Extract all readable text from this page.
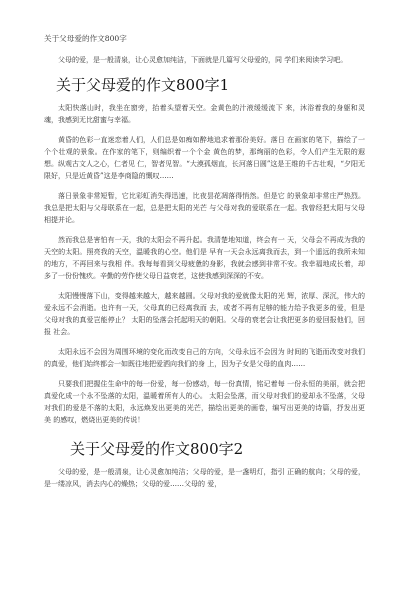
关于父母爱的作文800字

父母的爱，是一般清泉，让心灵愈加纯洁，下面就是几篇写父母爱的，同 学们来阅读学习吧。

关于父母爱的作文800字1

太阳快落山时，我坐在窗旁，抬着头望着天空。金黄色的汁液缓缓流下 来，沐浴着我的身躯和灵魂，我感到无比甜蜜与幸福。

黄昏的色彩一直迷恋着人们，人们总是如痴如醉地追求着那份美好。落日 在画家的笔下，描绘了一个个壮观的景象。在作家的笔下，则编织着一个个金 黄色的梦，那绚丽的色彩，令人们产生无限的遐想。纵观古文人之心，仁者见 仁，智者见智。“大漠孤烟直，长河落日圆”这是王维的千古壮观，“夕阳无 限好，只是近黄昏”这是李商隐的慨叹……

落日景象非常短暂，它比彩虹消失得迅速，比夜昙花凋落得悄然。但是它 的景象却非常庄严热烈。我总是把太阳与父母联系在一起，总是把太阳的光芒 与父母对我的爱联系在一起。我曾经把太阳与父母相提并论。

然而我总是害怕有一天，我的太阳会不再升起。我清楚地知道，终会有一 天，父母会不再成为我的天空的太阳。照亮我的天空，温暖我的心空。他们是 早有一天会永远离我而去，到一个遥远的我所未知的地方，不再回来与我相 伴。我每每看到父母疲惫的身影，我就会感到非常不安。我幸福地成长着，却 多了一份份愧疚。辛勤的劳作使父母日益衰老，这使我感到深深的不安。

太阳慢慢落下山，变得越来越大，越来越圆。父母对我的爱就像太阳的光 辉，浓厚、深沉，伟大的爱永远不会消逝。也许有一天，父母真的已经离我而 去，或者不再有足够的能力给予我更多的爱，但是父母对我的真爱岂能停止？ 太阳的坠落会托起明天的朝阳。父母的衰老会让我把更多的爱回报他们，回报 社会。

太阳永远不会因为周围环境的变化而改变自己的方向，父母永远不会因为 时间的飞逝而改变对我们的真爱，他们始终都会一如既往地把爱洒向我们的身 上，因为子女是父母的血肉……

只要我们把握住生命中的每一份爱，每一份感动，每一份真情，铭记着每 一份永恒的美丽，就会把真爱化成一个永不坠落的太阳，温暖着所有人的心。 太阳会坠落，而父母对我们的爱却永不坠落，父母对我们的爱是不落的太阳，永远焕发出更美的光芒，描绘出更美的画卷，编写出更美的诗篇，抒发出更美 的感叹，燃烧出更美的传说！

关于父母爱的作文800字2

父母的爱，是一般清泉，让心灵愈加纯洁；父母的爱，是一盏明灯，指引 正确的航向；父母的爱，是一缕凉风，消去内心的燥热；父母的爱……父母的 爱，
